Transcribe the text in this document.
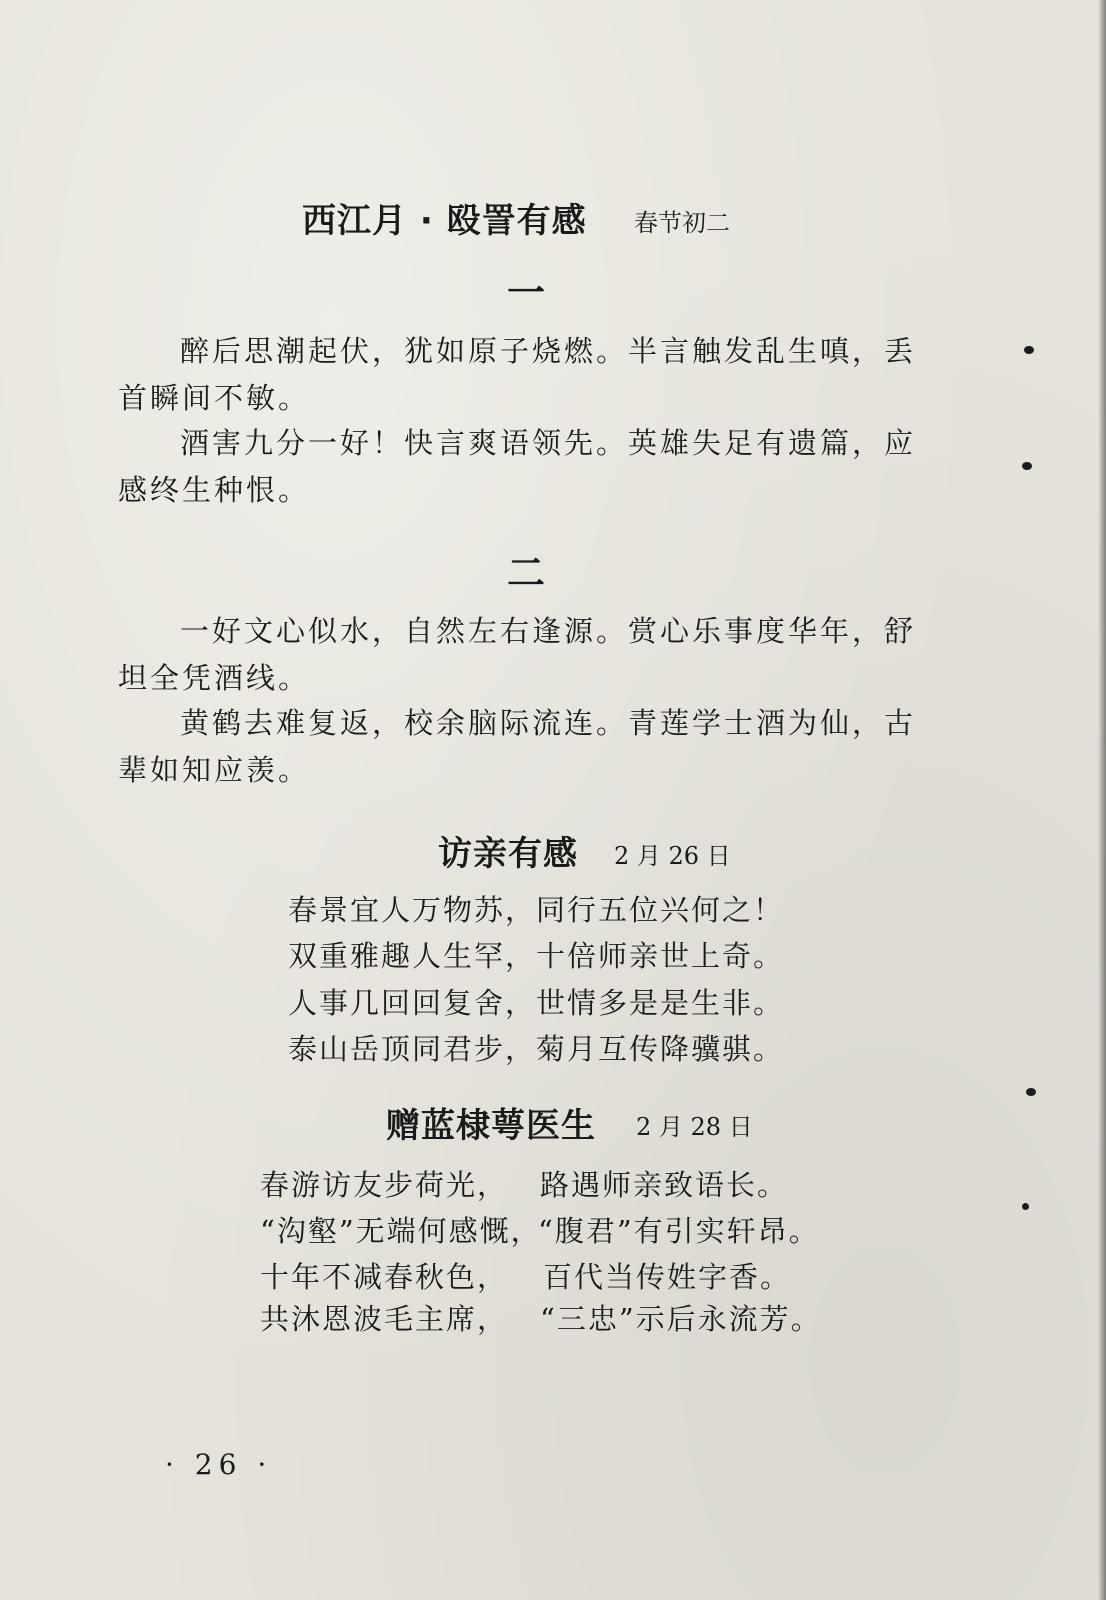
西江月 · 殴詈有感 春节初二
一
醉后思潮起伏，犹如原子烧燃。半言触发乱生嗔，丢首瞬间不敏。
酒害九分一好！快言爽语领先。英雄失足有遗篇，应感终生种恨。
二
一好文心似水，自然左右逢源。赏心乐事度华年，舒坦全凭酒线。
黄鹤去难复返，校余脑际流连。青莲学士酒为仙，古辈如知应羡。
访亲有感 2 月 26 日
春景宜人万物苏，同行五位兴何之！
双重雅趣人生罕，十倍师亲世上奇。
人事几回回复舍，世情多是是生非。
泰山岳顶同君步，菊月互传降骥骐。
赠蓝棣萼医生 2 月 28 日
春游访友步荷光， 路遇师亲致语长。
“沟壑”无端何感慨，
“腹君”有引实轩昂。
十年不减春秋色， 百代当传姓字香。
共沐恩波毛主席， “三忠”示后永流芳。
· 26 ·
